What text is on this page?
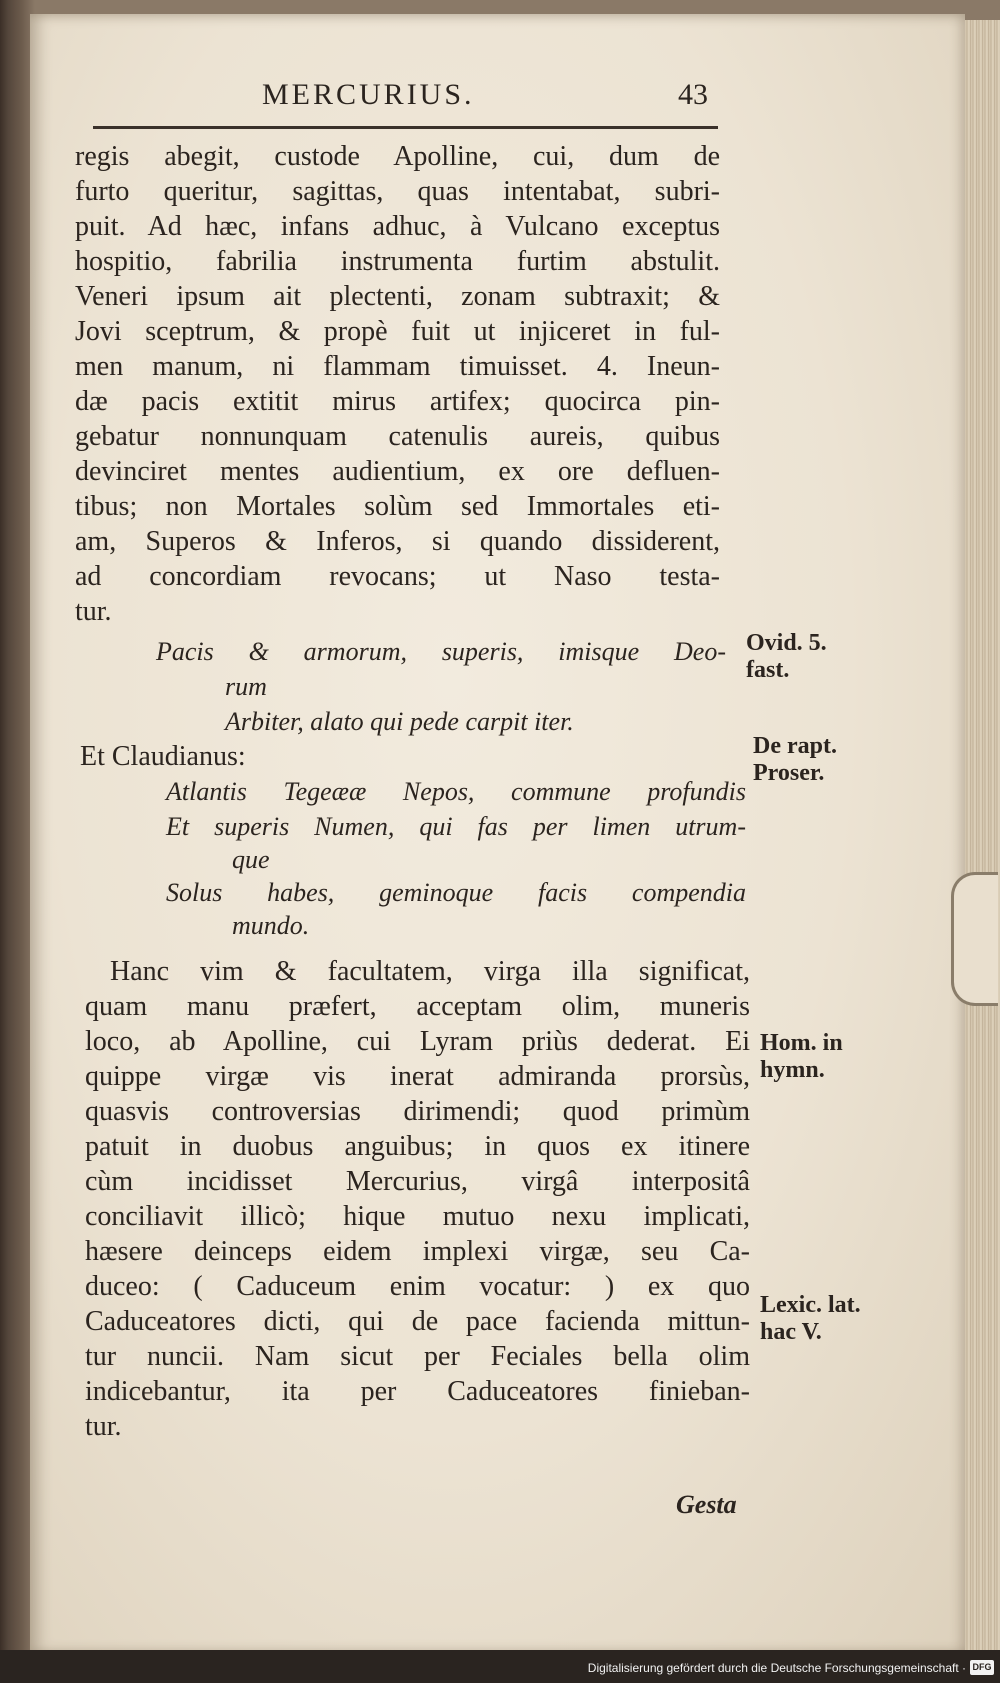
MERCURIUS.	43
regis abegit, custode Apolline, cui, dum de
furto queritur, sagittas, quas intentabat, subri-
puit. Ad hæc, infans adhuc, à Vulcano exceptus
hospitio, fabrilia instrumenta furtim abstulit.
Veneri ipsum ait plectenti, zonam subtraxit; &
Jovi sceptrum, & propè fuit ut injiceret in ful-
men manum, ni flammam timuisset. 4. Ineun-
dæ pacis extitit mirus artifex; quocirca pin-
gebatur nonnunquam catenulis aureis, quibus
devinciret mentes audientium, ex ore defluen-
tibus; non Mortales solùm sed Immortales eti-
am, Superos & Inferos, si quando dissiderent,
ad concordiam revocans; ut Naso testa-
tur.
Pacis & armorum, superis, imisque Deo-
rum
Arbiter, alato qui pede carpit iter.
Et Claudianus:
Atlantis Tegeææ Nepos, commune profundis
Et superis Numen, qui fas per limen utrum-
que
Solus habes, geminoque facis compendia
mundo.
Hanc vim & facultatem, virga illa significat,
quam manu præfert, acceptam olim, muneris
loco, ab Apolline, cui Lyram priùs dederat. Ei
quippe virgæ vis inerat admiranda prorsùs,
quasvis controversias dirimendi; quod primùm
patuit in duobus anguibus; in quos ex itinere
cùm incidisset Mercurius, virgâ interpositâ
conciliavit illicò; hique mutuo nexu implicati,
hæsere deinceps eidem implexi virgæ, seu Ca-
duceo: ( Caduceum enim vocatur: ) ex quo
Caduceatores dicti, qui de pace facienda mittun-
tur nuncii. Nam sicut per Feciales bella olim
indicebantur, ita per Caduceatores finieban-
tur.
Ovid. 5.
fast.
De rapt.
Proser.
Hom. in
hymn.
Lexic. lat.
hac V.
Gesta
Digitalisierung gefördert durch die Deutsche Forschungsgemeinschaft · DFG
